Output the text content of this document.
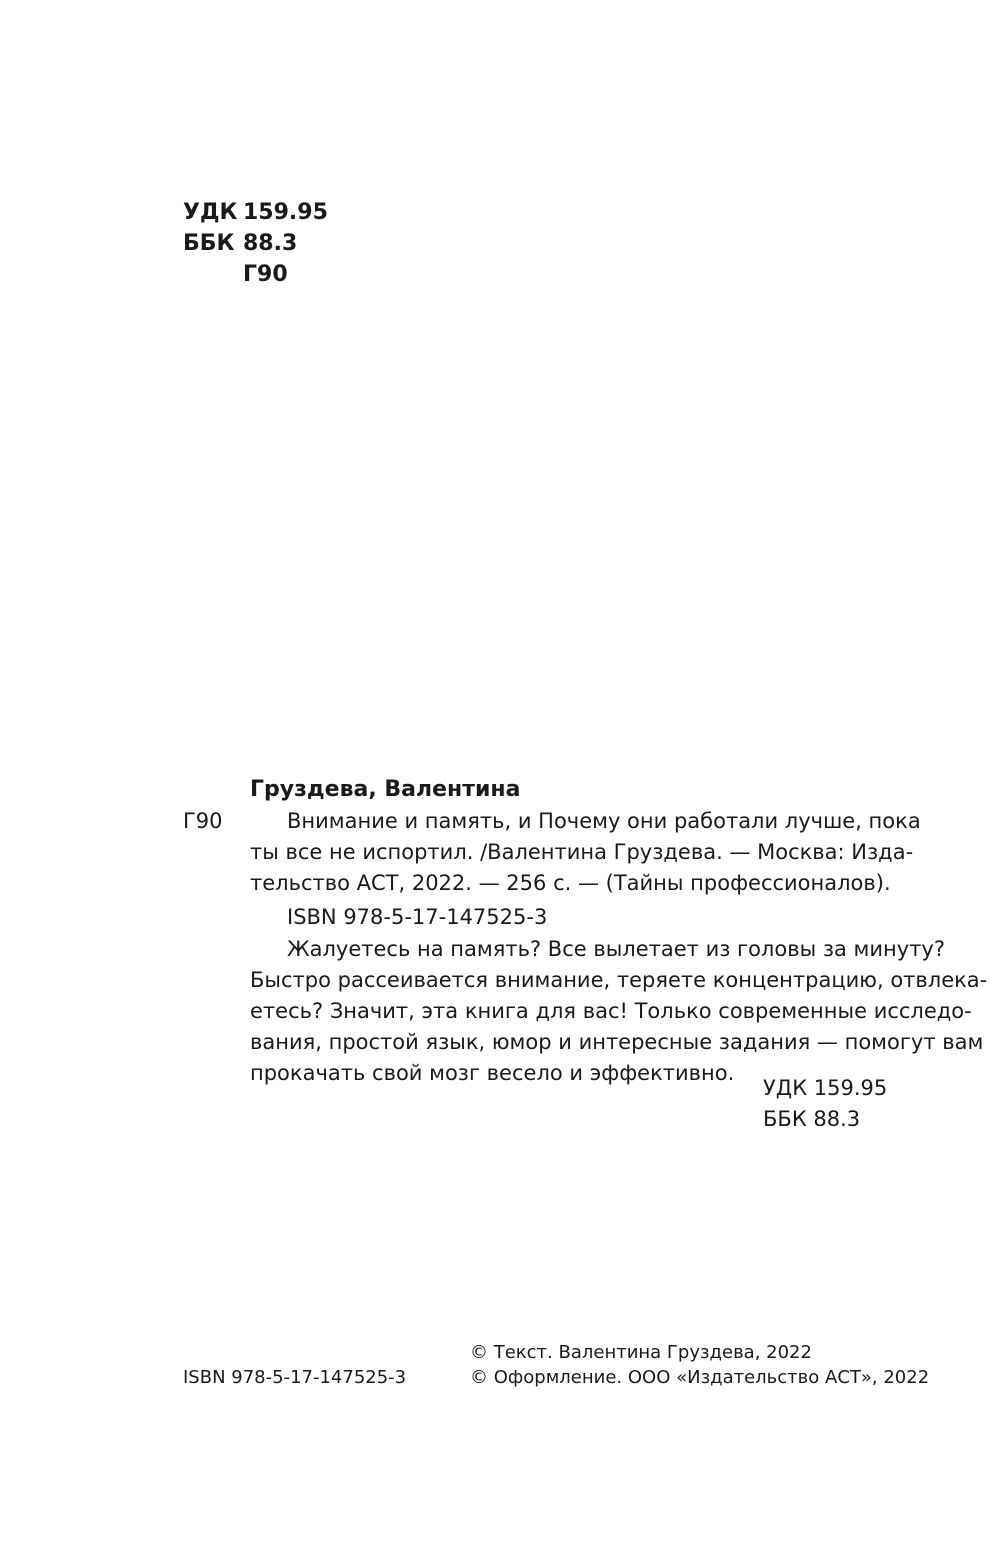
УДК 159.95
ББК 88.3
Г90
Груздева, Валентина
Г90	Внимание и память, и Почему они работали лучше, пока
ты все не испортил. /Валентина Груздева. — Москва: Изда-
тельство АСТ, 2022. — 256 с. — (Тайны профессионалов).
ISBN 978-5-17-147525-3
Жалуетесь на память? Все вылетает из головы за минуту?
Быстро рассеивается внимание, теряете концентрацию, отвлека-
етесь? Значит, эта книга для вас! Только современные исследо-
вания, простой язык, юмор и интересные задания — помогут вам
прокачать свой мозг весело и эффективно.
УДК 159.95
ББК 88.3
© Текст. Валентина Груздева, 2022
ISBN 978-5-17-147525-3	© Оформление. ООО «Издательство АСТ», 2022
